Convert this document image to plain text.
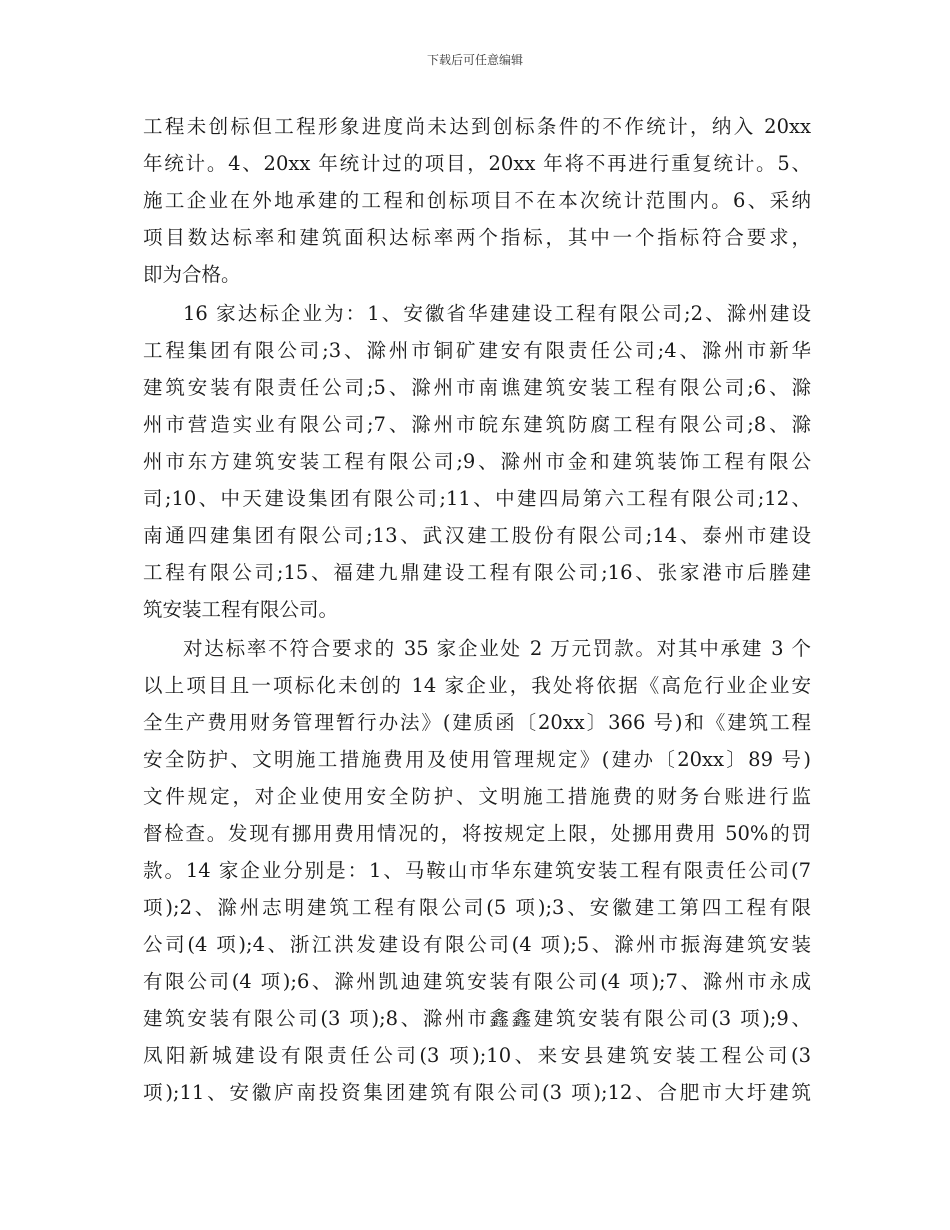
下载后可任意编辑
工程未创标但工程形象进度尚未达到创标条件的不作统计，纳入 20xx
年统计。4、20xx 年统计过的项目，20xx 年将不再进行重复统计。5、
施工企业在外地承建的工程和创标项目不在本次统计范围内。6、采纳
项目数达标率和建筑面积达标率两个指标，其中一个指标符合要求，
即为合格。
16 家达标企业为：1、安徽省华建建设工程有限公司;2、滁州建设
工程集团有限公司;3、滁州市铜矿建安有限责任公司;4、滁州市新华
建筑安装有限责任公司;5、滁州市南谯建筑安装工程有限公司;6、滁
州市营造实业有限公司;7、滁州市皖东建筑防腐工程有限公司;8、滁
州市东方建筑安装工程有限公司;9、滁州市金和建筑装饰工程有限公
司;10、中天建设集团有限公司;11、中建四局第六工程有限公司;12、
南通四建集团有限公司;13、武汉建工股份有限公司;14、泰州市建设
工程有限公司;15、福建九鼎建设工程有限公司;16、张家港市后塍建
筑安装工程有限公司。
对达标率不符合要求的 35 家企业处 2 万元罚款。对其中承建 3 个
以上项目且一项标化未创的 14 家企业，我处将依据《高危行业企业安
全生产费用财务管理暂行办法》(建质函〔20xx〕366 号)和《建筑工程
安全防护、文明施工措施费用及使用管理规定》(建办〔20xx〕89 号)
文件规定，对企业使用安全防护、文明施工措施费的财务台账进行监
督检查。发现有挪用费用情况的，将按规定上限，处挪用费用 50%的罚
款。14 家企业分别是：1、马鞍山市华东建筑安装工程有限责任公司(7
项);2、滁州志明建筑工程有限公司(5 项);3、安徽建工第四工程有限
公司(4 项);4、浙江洪发建设有限公司(4 项);5、滁州市振海建筑安装
有限公司(4 项);6、滁州凯迪建筑安装有限公司(4 项);7、滁州市永成
建筑安装有限公司(3 项);8、滁州市鑫鑫建筑安装有限公司(3 项);9、
凤阳新城建设有限责任公司(3 项);10、来安县建筑安装工程公司(3
项);11、安徽庐南投资集团建筑有限公司(3 项);12、合肥市大圩建筑
